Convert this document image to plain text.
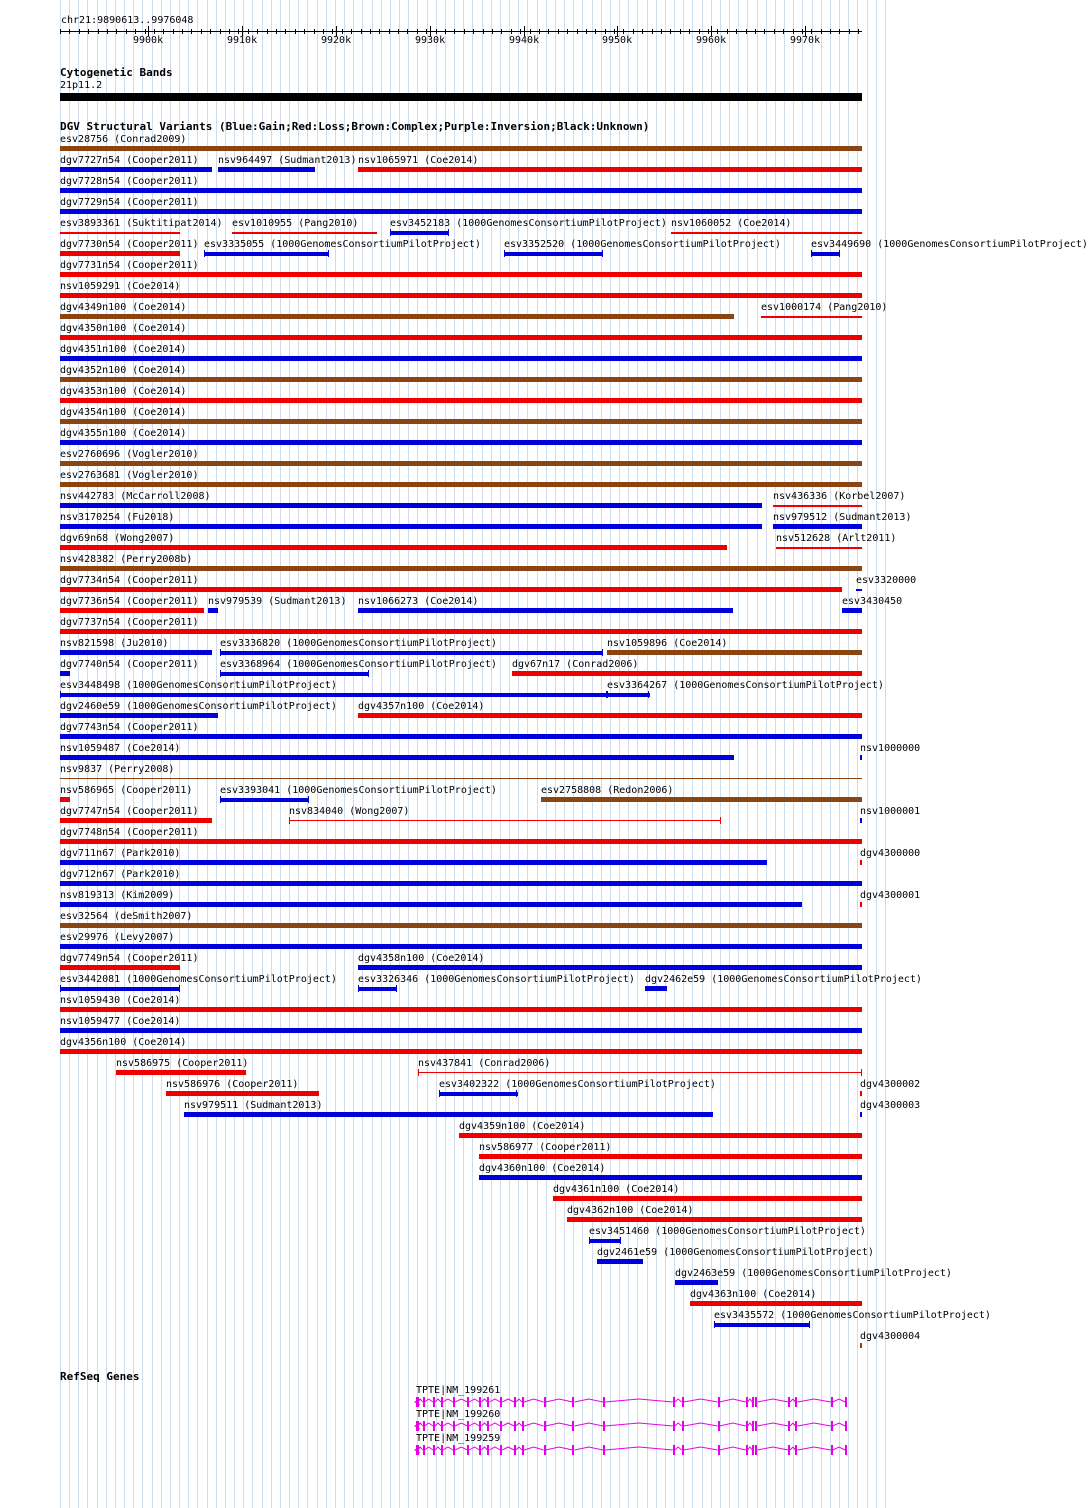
chr21:9890613..9976048
Cytogenetic Bands
21p11.2
DGV Structural Variants (Blue:Gain;Red:Loss;Brown:Complex;Purple:Inversion;Black:Unknown)
esv28756 (Conrad2009)
dgv7727n54 (Cooper2011) nsv964497 (Sudmant2013) nsv1065971 (Coe2014)
dgv7728n54 (Cooper2011)
dgv7729n54 (Cooper2011)
esv3893361 (Suktitipat2014) esv1010955 (Pang2010)	esv3452183 (1000GenomesConsortiumPilotProject) nsv1060052 (Coe2014)
dgv7730n54 (Cooper2011) esv3335055 (1000GenomesConsortiumPilotProject) esv3352520 (1000GenomesConsortiumPilotProject)	esv3449690 (1000GenomesConsortiumPilotProject)
dgv7731n54 (Cooper2011)
nsv1059291 (Coe2014)
dgv4349n100 (Coe2014)	esv1000174 (Pang2010)
dgv4350n100 (Coe2014)
dgv4351n100 (Coe2014)
dgv4352n100 (Coe2014)
dgv4353n100 (Coe2014)
dgv4354n100 (Coe2014)
dgv4355n100 (Coe2014)
esv2760696 (Vogler2010)
esv2763681 (Vogler2010)
nsv442783 (McCarroll2008)	nsv436336 (Korbel2007)
nsv3170254 (Fu2018)	nsv979512 (Sudmant2013)
dgv69n68 (Wong2007)	nsv512628 (Arlt2011)
nsv428382 (Perry2008b)
dgv7734n54 (Cooper2011)	esv3320000
dgv7736n54 (Cooper2011) nsv979539 (Sudmant2013) nsv1066273 (Coe2014)	esv3430450
dgv7737n54 (Cooper2011)
nsv821598 (Ju2010)	esv3336820 (1000GenomesConsortiumPilotProject)	nsv1059896 (Coe2014)
dgv7740n54 (Cooper2011) esv3368964 (1000GenomesConsortiumPilotProject) dgv67n17 (Conrad2006)
esv3448498 (1000GenomesConsortiumPilotProject)	esv3364267 (1000GenomesConsortiumPilotProject)
dgv2460e59 (1000GenomesConsortiumPilotProject) dgv4357n100 (Coe2014)
dgv7743n54 (Cooper2011)
nsv1059487 (Coe2014)	nsv1000000
nsv9837 (Perry2008)
nsv586965 (Cooper2011)	esv3393041 (1000GenomesConsortiumPilotProject)	esv2758808 (Redon2006)
dgv7747n54 (Cooper2011)	nsv834040 (Wong2007)	nsv1000001
dgv7748n54 (Cooper2011)
dgv711n67 (Park2010)	dgv4300000
dgv712n67 (Park2010)
nsv819313 (Kim2009)	dgv4300001
esv32564 (deSmith2007)
esv29976 (Levy2007)
dgv7749n54 (Cooper2011)	dgv4358n100 (Coe2014)
esv3442081 (1000GenomesConsortiumPilotProject) esv3326346 (1000GenomesConsortiumPilotProject) dgv2462e59 (1000GenomesConsortiumPilotProject)
nsv1059430 (Coe2014)
nsv1059477 (Coe2014)
dgv4356n100 (Coe2014)
nsv586975 (Cooper2011)	nsv437841 (Conrad2006)
nsv586976 (Cooper2011)	esv3402322 (1000GenomesConsortiumPilotProject)	dgv4300002
nsv979511 (Sudmant2013)	dgv4300003
dgv4359n100 (Coe2014)
nsv586977 (Cooper2011)
dgv4360n100 (Coe2014)
dgv4361n100 (Coe2014)
dgv4362n100 (Coe2014)
esv3451460 (1000GenomesConsortiumPilotProject)
dgv2461e59 (1000GenomesConsortiumPilotProject)
dgv2463e59 (1000GenomesConsortiumPilotProject)
dgv4363n100 (Coe2014)
esv3435572 (1000GenomesConsortiumPilotProject)
dgv4300004
RefSeq Genes
TPTE|NM_199261
TPTE|NM_199260
TPTE|NM_199259
9900k	9910k	9920k	9930k	9940k	9950k	9960k	9970k
